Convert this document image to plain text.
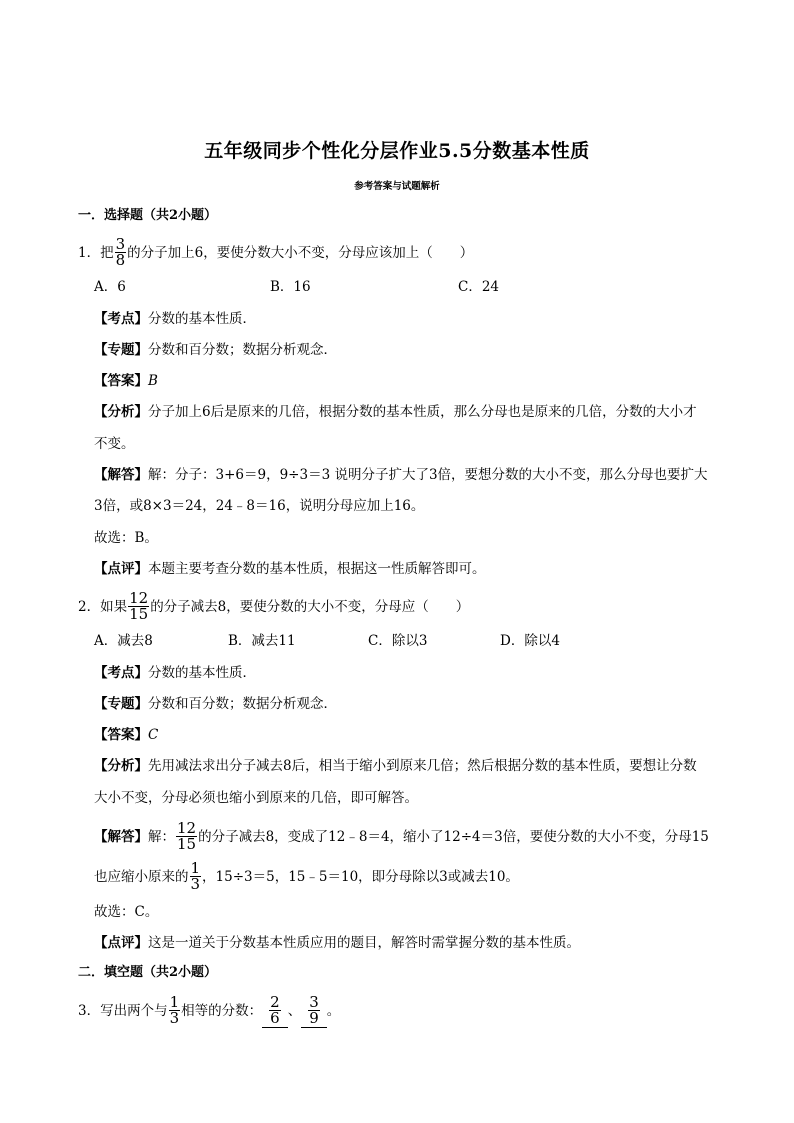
五年级同步个性化分层作业5.5分数基本性质
参考答案与试题解析
一．选择题（共2小题）
1．把 $\frac{3}{8}$ 的分子加上6，要使分数大小不变，分母应该加上（　　）
A．6	B．16	C．24
【考点】分数的基本性质．
【专题】分数和百分数；数据分析观念．
【答案】B
【分析】分子加上6后是原来的几倍，根据分数的基本性质，那么分母也是原来的几倍，分数的大小才
不变。
【解答】解：分子：3+6＝9，9÷3＝3 说明分子扩大了3倍，要想分数的大小不变，那么分母也要扩大
3倍，或8×3＝24，24﹣8＝16，说明分母应加上16。
故选：B。
【点评】本题主要考查分数的基本性质，根据这一性质解答即可。
2．如果 $\frac{12}{15}$ 的分子减去8，要使分数的大小不变，分母应（　　）
A．减去8	B．减去11	C．除以3	D．除以4
【考点】分数的基本性质．
【专题】分数和百分数；数据分析观念．
【答案】C
【分析】先用减法求出分子减去8后，相当于缩小到原来几倍；然后根据分数的基本性质，要想让分数
大小不变，分母必须也缩小到原来的几倍，即可解答。
【解答】解： $\frac{12}{15}$ 的分子减去8，变成了12﹣8＝4，缩小了12÷4＝3倍，要使分数的大小不变，分母15
也应缩小原来的 $\frac{1}{3}$ ，15÷3＝5，15﹣5＝10，即分母除以3或减去10。
故选：C。
【点评】这是一道关于分数基本性质应用的题目，解答时需掌握分数的基本性质。
二．填空题（共2小题）
3．写出两个与 $\frac{1}{3}$ 相等的分数： $\frac{2}{6}$ 、 $\frac{3}{9}$ 。
